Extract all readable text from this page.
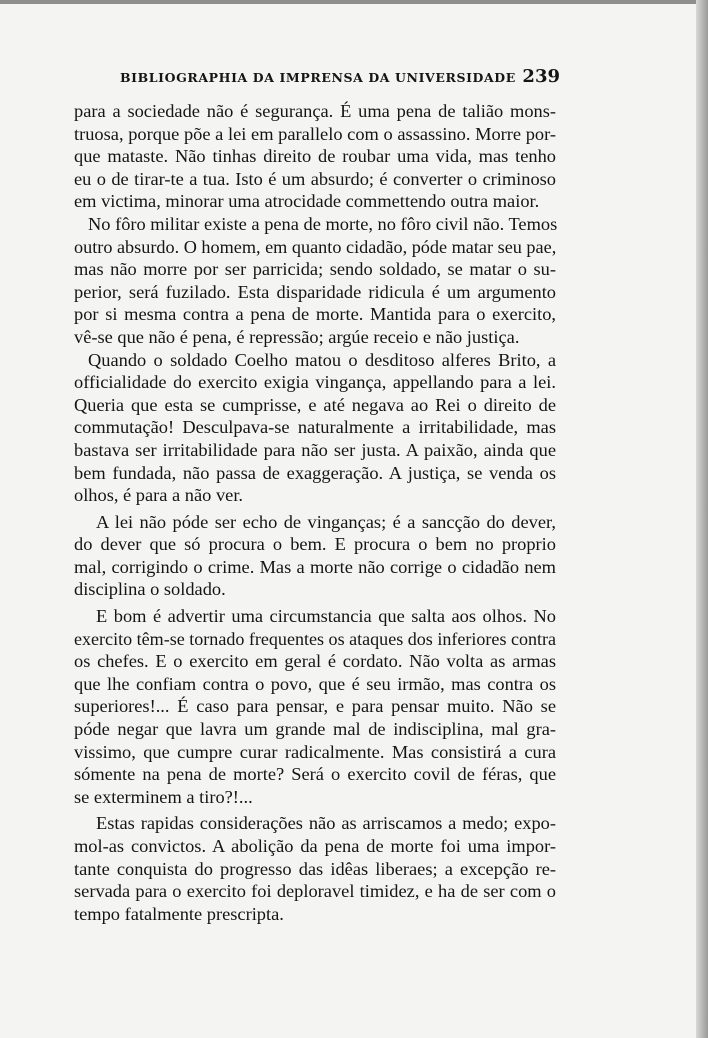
BIBLIOGRAPHIA DA IMPRENSA DA UNIVERSIDADE 239

para a sociedade não é segurança. É uma pena de talião mons-
truosa, porque põe a lei em parallelo com o assassino. Morre por-
que mataste. Não tinhas direito de roubar uma vida, mas tenho
eu o de tirar-te a tua. Isto é um absurdo; é converter o criminoso
em victima, minorar uma atrocidade commettendo outra maior.

No fôro militar existe a pena de morte, no fôro civil não. Temos
outro absurdo. O homem, em quanto cidadão, póde matar seu pae,
mas não morre por ser parricida; sendo soldado, se matar o su-
perior, será fuzilado. Esta disparidade ridicula é um argumento
por si mesma contra a pena de morte. Mantida para o exercito,
vê-se que não é pena, é repressão; argúe receio e não justiça.

Quando o soldado Coelho matou o desditoso alferes Brito, a
officialidade do exercito exigia vingança, appellando para a lei.
Queria que esta se cumprisse, e até negava ao Rei o direito de
commutação! Desculpava-se naturalmente a irritabilidade, mas
bastava ser irritabilidade para não ser justa. A paixão, ainda que
bem fundada, não passa de exaggeração. A justiça, se venda os
olhos, é para a não ver.

A lei não póde ser echo de vinganças; é a sancção do dever,
do dever que só procura o bem. E procura o bem no proprio
mal, corrigindo o crime. Mas a morte não corrige o cidadão nem
disciplina o soldado.

E bom é advertir uma circumstancia que salta aos olhos. No
exercito têm-se tornado frequentes os ataques dos inferiores contra
os chefes. E o exercito em geral é cordato. Não volta as armas
que lhe confiam contra o povo, que é seu irmão, mas contra os
superiores!... É caso para pensar, e para pensar muito. Não se
póde negar que lavra um grande mal de indisciplina, mal gra-
vissimo, que cumpre curar radicalmente. Mas consistirá a cura
sómente na pena de morte? Será o exercito covil de féras, que
se exterminem a tiro?!...

Estas rapidas considerações não as arriscamos a medo; expo-
mol-as convictos. A abolição da pena de morte foi uma impor-
tante conquista do progresso das idêas liberaes; a excepção re-
servada para o exercito foi deploravel timidez, e ha de ser com o
tempo fatalmente prescripta.
